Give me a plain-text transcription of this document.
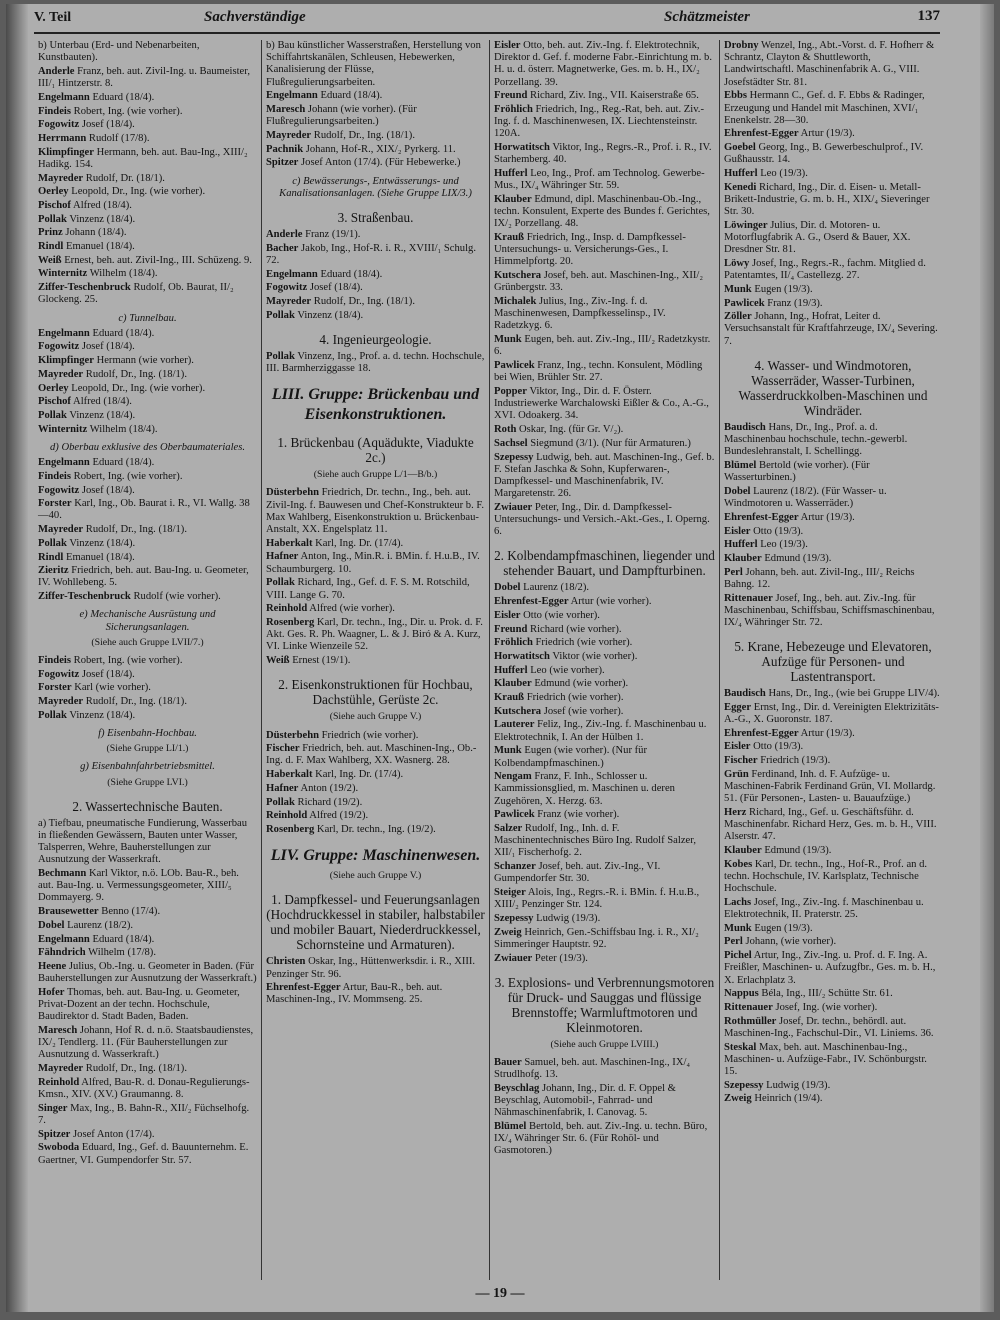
V. Teil	Sachverständige	Schätzmeister	137
b) Unterbau (Erd- und Nebenarbeiten, Kunstbauten).
Anderle Franz, beh. aut. Zivil-Ing. u. Baumeister, III/₁ Hintzerstr. 8.
Engelmann Eduard (18/4).
Findeis Robert, Ing. (wie vorher).
Fogowitz Josef (18/4).
Herrmann Rudolf (17/8).
Klimpfinger Hermann, beh. aut. Bau-Ing., XIII/₂ Hadikg. 154.
Mayreder Rudolf, Dr. (18/1).
Oerley Leopold, Dr., Ing. (wie vorher).
Pischof Alfred (18/4).
Pollak Vinzenz (18/4).
Prinz Johann (18/4).
Rindl Emanuel (18/4).
Weiß Ernest, beh. aut. Zivil-Ing., III. Schüzeng. 9.
Winternitz Wilhelm (18/4).
Ziffer-Teschenbruck Rudolf, Ob. Baurat, II/₂ Glockeng. 25.
c) Tunnelbau.
Engelmann Eduard (18/4).
Fogowitz Josef (18/4).
Klimpfinger Hermann (wie vorher).
Mayreder Rudolf, Dr., Ing. (18/1).
Oerley Leopold, Dr., Ing. (wie vorher).
Pischof Alfred (18/4).
Pollak Vinzenz (18/4).
Winternitz Wilhelm (18/4).
d) Oberbau exklusive des Oberbaumateriales.
Engelmann Eduard (18/4).
Findeis Robert, Ing. (wie vorher).
Fogowitz Josef (18/4).
Forster Karl, Ing., Ob. Baurat i. R., VI. Wallg. 38—40.
Mayreder Rudolf, Dr., Ing. (18/1).
Pollak Vinzenz (18/4).
Rindl Emanuel (18/4).
Zieritz Friedrich, beh. aut. Bau-Ing. u. Geometer, IV. Wohllebeng. 5.
Ziffer-Teschenbruck Rudolf (wie vorher).
e) Mechanische Ausrüstung und Sicherungsanlagen.
(Siehe auch Gruppe LVII/7.)
Findeis Robert, Ing. (wie vorher).
Fogowitz Josef (18/4).
Forster Karl (wie vorher).
Mayreder Rudolf, Dr., Ing. (18/1).
Pollak Vinzenz (18/4).
f) Eisenbahn-Hochbau.
(Siehe Gruppe LI/1.)
g) Eisenbahnfahrbetriebsmittel.
(Siehe Gruppe LVI.)
2. Wassertechnische Bauten.
a) Tiefbau, pneumatische Fundierung, Wasserbau in fließenden Gewässern, Bauten unter Wasser, Talsperren, Wehre, Bauherstellungen zur Ausnutzung der Wasserkraft.
Bechmann Karl Viktor, n.ö. LOb. Bau-R., beh. aut. Bau-Ing. u. Vermessungsgeometer, XIII/₅ Dommayerg. 9.
Brausewetter Benno (17/4).
Dobel Laurenz (18/2).
Engelmann Eduard (18/4).
Fähndrich Wilhelm (17/8).
Heene Julius, Ob.-Ing. u. Geometer in Baden. (Für Bauherstellungen zur Ausnutzung der Wasserkraft.)
Hofer Thomas, beh. aut. Bau-Ing. u. Geometer, Privat-Dozent an der techn. Hochschule, Baudirektor d. Stadt Baden, Baden.
Maresch Johann, Hof R. d. n.ö. Staatsbaudienstes, IX/₂ Tendlerg. 11. (Für Bauherstellungen zur Ausnutzung d. Wasserkraft.)
Mayreder Rudolf, Dr., Ing. (18/1).
Reinhold Alfred, Bau-R. d. Donau-Regulierungs-Kmsn., XIV. (XV.) Graumanng. 8.
Singer Max, Ing., B. Bahn-R., XII/₂ Füchselhofg. 7.
Spitzer Josef Anton (17/4).
Swoboda Eduard, Ing., Gef. d. Bauunternehm. E. Gaertner, VI. Gumpendorfer Str. 57.
b) Bau künstlicher Wasserstraßen, Herstellung von Schiffahrtskanälen, Schleusen, Hebewerken, Kanalisierung der Flüsse, Flußregulierungsarbeiten.
Engelmann Eduard (18/4).
Maresch Johann (wie vorher). (Für Flußregulierungsarbeiten.)
Mayreder Rudolf, Dr., Ing. (18/1).
Pachnik Johann, Hof-R., XIX/₂ Pyrkerg. 11.
Spitzer Josef Anton (17/4). (Für Hebewerke.)
c) Bewässerungs-, Entwässerungs- und Kanalisationsanlagen. (Siehe Gruppe LIX/3.)
3. Straßenbau.
Anderle Franz (19/1).
Bacher Jakob, Ing., Hof-R. i. R., XVIII/₁ Schulg. 72.
Engelmann Eduard (18/4).
Fogowitz Josef (18/4).
Mayreder Rudolf, Dr., Ing. (18/1).
Pollak Vinzenz (18/4).
4. Ingenieurgeologie.
Pollak Vinzenz, Ing., Prof. a. d. techn. Hochschule, III. Barmherziggasse 18.
LIII. Gruppe: Brückenbau und Eisenkonstruktionen.
1. Brückenbau (Aquädukte, Viadukte 2c.)
(Siehe auch Gruppe L/1—B/b.)
Düsterbehn Friedrich, Dr. techn., Ing., beh. aut. Zivil-Ing. f. Bauwesen und Chef-Konstrukteur b. F. Max Wahlberg, Eisenkonstruktion u. Brückenbau-Anstalt, XX. Engelsplatz 11.
Haberkalt Karl, Ing. Dr. (17/4).
Hafner Anton, Ing., Min.R. i. BMin. f. H.u.B., IV. Schaumburgerg. 10.
Pollak Richard, Ing., Gef. d. F. S. M. Rotschild, VIII. Lange G. 70.
Reinhold Alfred (wie vorher).
Rosenberg Karl, Dr. techn., Ing., Dir. u. Prok. d. F. Akt. Ges. R. Ph. Waagner, L. & J. Biró & A. Kurz, VI. Linke Wienzeile 52.
Weiß Ernest (19/1).
2. Eisenkonstruktionen für Hochbau, Dachstühle, Gerüste 2c.
(Siehe auch Gruppe V.)
Düsterbehn Friedrich (wie vorher).
Fischer Friedrich, beh. aut. Maschinen-Ing., Ob.-Ing. d. F. Max Wahlberg, XX. Wasnerg. 28.
Haberkalt Karl, Ing. Dr. (17/4).
Hafner Anton (19/2).
Pollak Richard (19/2).
Reinhold Alfred (19/2).
Rosenberg Karl, Dr. techn., Ing. (19/2).
LIV. Gruppe: Maschinenwesen.
(Siehe auch Gruppe V.)
1. Dampfkessel- und Feuerungsanlagen (Hochdruckkessel in stabiler, halbstabiler und mobiler Bauart, Niederdruckkessel, Schornsteine und Armaturen).
Christen Oskar, Ing., Hüttenwerksdir. i. R., XIII. Penzinger Str. 96.
Ehrenfest-Egger Artur, Bau-R., beh. aut. Maschinen-Ing., IV. Mommseng. 25.
Eisler Otto, beh. aut. Ziv.-Ing. f. Elektrotechnik, Direktor d. Gef. f. moderne Fabr.-Einrichtung m. b. H. u. d. österr. Magnetwerke, Ges. m. b. H., IX/₂ Porzellang. 39.
Freund Richard, Ziv. Ing., VII. Kaiserstraße 65.
Fröhlich Friedrich, Ing., Reg.-Rat, beh. aut. Ziv.-Ing. f. d. Maschinenwesen, IX. Liechtensteinstr. 120A.
Horwatitsch Viktor, Ing., Regrs.-R., Prof. i. R., IV. Starhemberg. 40.
Hufferl Leo, Ing., Prof. am Technolog. Gewerbe-Mus., IX/₄ Währinger Str. 59.
Klauber Edmund, dipl. Maschinenbau-Ob.-Ing., techn. Konsulent, Experte des Bundes f. Gerichtes, IX/₂ Porzellang. 48.
Krauß Friedrich, Ing., Insp. d. Dampfkessel-Untersuchungs- u. Versicherungs-Ges., I. Himmelpfortg. 20.
Kutschera Josef, beh. aut. Maschinen-Ing., XII/₂ Grünbergstr. 33.
Michalek Julius, Ing., Ziv.-Ing. f. d. Maschinenwesen, Dampfkesselinsp., IV. Radetzkyg. 6.
Munk Eugen, beh. aut. Ziv.-Ing., III/₂ Radetzkystr. 6.
Pawlicek Franz, Ing., techn. Konsulent, Mödling bei Wien, Brühler Str. 27.
Popper Viktor, Ing., Dir. d. F. Österr. Industriewerke Warchalowski Eißler & Co., A.-G., XVI. Odoakerg. 34.
Roth Oskar, Ing. (für Gr. V/₂).
Sachsel Siegmund (3/1). (Nur für Armaturen.)
Szepessy Ludwig, beh. aut. Maschinen-Ing., Gef. b. F. Stefan Jaschka & Sohn, Kupferwaren-, Dampfkessel- und Maschinenfabrik, IV. Margaretenstr. 26.
Zwiauer Peter, Ing., Dir. d. Dampfkessel-Untersuchungs- und Versich.-Akt.-Ges., I. Operng. 6.
2. Kolbendampfmaschinen, liegender und stehender Bauart, und Dampfturbinen.
Dobel Laurenz (18/2).
Ehrenfest-Egger Artur (wie vorher).
Eisler Otto (wie vorher).
Freund Richard (wie vorher).
Fröhlich Friedrich (wie vorher).
Horwatitsch Viktor (wie vorher).
Hufferl Leo (wie vorher).
Klauber Edmund (wie vorher).
Krauß Friedrich (wie vorher).
Kutschera Josef (wie vorher).
Lauterer Feliz, Ing., Ziv.-Ing. f. Maschinenbau u. Elektrotechnik, I. An der Hülben 1.
Munk Eugen (wie vorher). (Nur für Kolbendampfmaschinen.)
Nengam Franz, F. Inh., Schlosser u. Kammissionsglied, m. Maschinen u. deren Zugehören, X. Herzg. 63.
Pawlicek Franz (wie vorher).
Salzer Rudolf, Ing., Inh. d. F. Maschinentechnisches Büro Ing. Rudolf Salzer, XII/₁ Fischerhofg. 2.
Schanzer Josef, beh. aut. Ziv.-Ing., VI. Gumpendorfer Str. 30.
Steiger Alois, Ing., Regrs.-R. i. BMin. f. H.u.B., XIII/₂ Penzinger Str. 124.
Szepessy Ludwig (19/3).
Zweig Heinrich, Gen.-Schiffsbau Ing. i. R., XI/₂ Simmeringer Hauptstr. 92.
Zwiauer Peter (19/3).
3. Explosions- und Verbrennungsmotoren für Druck- und Sauggas und flüssige Brennstoffe; Warmluftmotoren und Kleinmotoren.
(Siehe auch Gruppe LVIII.)
Bauer Samuel, beh. aut. Maschinen-Ing., IX/₄ Strudlhofg. 13.
Beyschlag Johann, Ing., Dir. d. F. Oppel & Beyschlag, Automobil-, Fahrrad- und Nähmaschinenfabrik, I. Canovag. 5.
Blümel Bertold, beh. aut. Ziv.-Ing. u. techn. Büro, IX/₄ Währinger Str. 6. (Für Rohöl- und Gasmotoren.)
Drobny Wenzel, Ing., Abt.-Vorst. d. F. Hofherr & Schrantz, Clayton & Shuttleworth, Landwirtschaftl. Maschinenfabrik A. G., VIII. Josefstädter Str. 81.
Ebbs Hermann C., Gef. d. F. Ebbs & Radinger, Erzeugung und Handel mit Maschinen, XVI/₁ Enenkelstr. 28—30.
Ehrenfest-Egger Artur (19/3).
Goebel Georg, Ing., B. Gewerbeschulprof., IV. Gußhausstr. 14.
Hufferl Leo (19/3).
Kenedi Richard, Ing., Dir. d. Eisen- u. Metall-Brikett-Industrie, G. m. b. H., XIX/₄ Sieveringer Str. 30.
Löwinger Julius, Dir. d. Motoren- u. Motorflugfabrik A. G., Oserd & Bauer, XX. Dresdner Str. 81.
Löwy Josef, Ing., Regrs.-R., fachm. Mitglied d. Patentamtes, II/₄ Castellezg. 27.
Munk Eugen (19/3).
Pawlicek Franz (19/3).
Zöller Johann, Ing., Hofrat, Leiter d. Versuchsanstalt für Kraftfahrzeuge, IX/₄ Severing. 7.
4. Wasser- und Windmotoren, Wasserräder, Wasser-Turbinen, Wasserdruckkolben-Maschinen und Windräder.
Baudisch Hans, Dr., Ing., Prof. a. d. Maschinenbau hochschule, techn.-gewerbl. Bundeslehranstalt, I. Schellingg.
Blümel Bertold (wie vorher). (Für Wasserturbinen.)
Dobel Laurenz (18/2). (Für Wasser- u. Windmotoren u. Wasserräder.)
Ehrenfest-Egger Artur (19/3).
Eisler Otto (19/3).
Hufferl Leo (19/3).
Klauber Edmund (19/3).
Perl Johann, beh. aut. Zivil-Ing., III/₂ Reichs Bahng. 12.
Rittenauer Josef, Ing., beh. aut. Ziv.-Ing. für Maschinenbau, Schiffsbau, Schiffsmaschinenbau, IX/₄ Währinger Str. 72.
5. Krane, Hebezeuge und Elevatoren, Aufzüge für Personen- und Lastentransport.
Baudisch Hans, Dr., Ing., (wie bei Gruppe LIV/4).
Egger Ernst, Ing., Dir. d. Vereinigten Elektrizitäts-A.-G., X. Guoronstr. 187.
Ehrenfest-Egger Artur (19/3).
Eisler Otto (19/3).
Fischer Friedrich (19/3).
Grün Ferdinand, Inh. d. F. Aufzüge- u. Maschinen-Fabrik Ferdinand Grün, VI. Mollardg. 51. (Für Personen-, Lasten- u. Bauaufzüge.)
Herz Richard, Ing., Gef. u. Geschäftsführ. d. Maschinenfabr. Richard Herz, Ges. m. b. H., VIII. Alserstr. 47.
Klauber Edmund (19/3).
Kobes Karl, Dr. techn., Ing., Hof-R., Prof. an d. techn. Hochschule, IV. Karlsplatz, Technische Hochschule.
Lachs Josef, Ing., Ziv.-Ing. f. Maschinenbau u. Elektrotechnik, II. Praterstr. 25.
Munk Eugen (19/3).
Perl Johann, (wie vorher).
Pichel Artur, Ing., Ziv.-Ing. u. Prof. d. F. Ing. A. Freißler, Maschinen- u. Aufzugfbr., Ges. m. b. H., X. Erlachplatz 3.
Nappus Béla, Ing., III/₂ Schütte Str. 61.
Rittenauer Josef, Ing. (wie vorher).
Rothmüller Josef, Dr. techn., behördl. aut. Maschinen-Ing., Fachschul-Dir., VI. Liniems. 36.
Steskal Max, beh. aut. Maschinenbau-Ing., Maschinen- u. Aufzüge-Fabr., IV. Schönburgstr. 15.
Szepessy Ludwig (19/3).
Zweig Heinrich (19/4).
— 19 —
